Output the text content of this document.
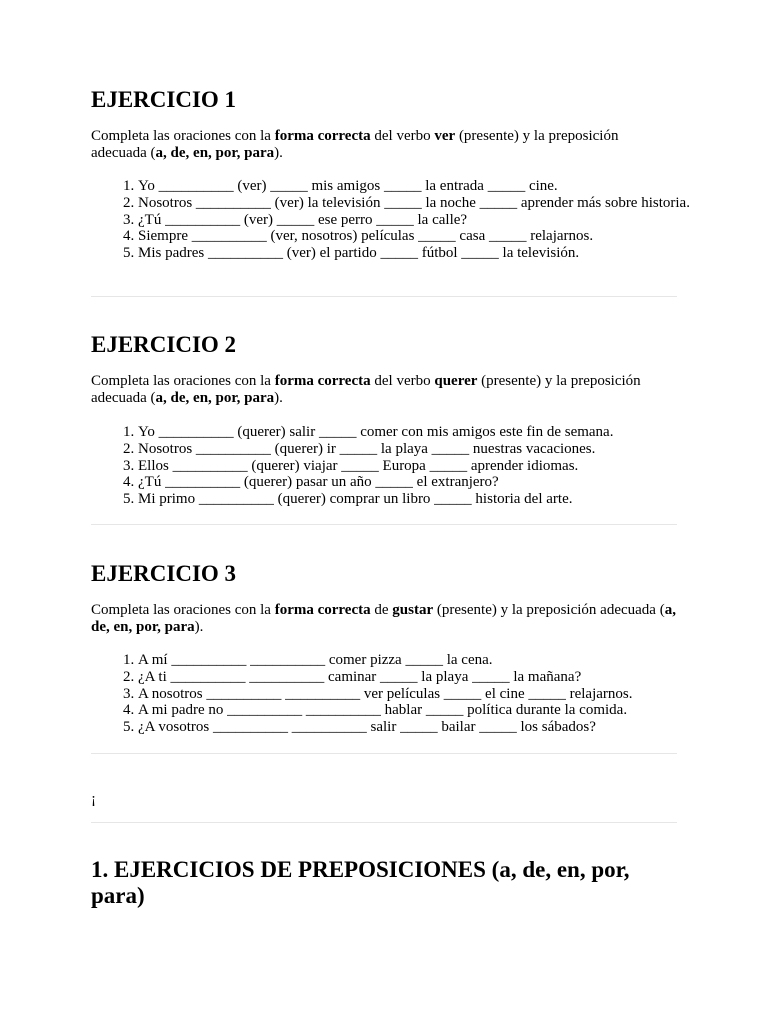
EJERCICIO 1

Completa las oraciones con la forma correcta del verbo ver (presente) y la preposición adecuada (a, de, en, por, para).

1. Yo __________ (ver) _____ mis amigos _____ la entrada _____ cine.
2. Nosotros __________ (ver) la televisión _____ la noche _____ aprender más sobre historia.
3. ¿Tú __________ (ver) _____ ese perro _____ la calle?
4. Siempre __________ (ver, nosotros) películas _____ casa _____ relajarnos.
5. Mis padres __________ (ver) el partido _____ fútbol _____ la televisión.
EJERCICIO 2

Completa las oraciones con la forma correcta del verbo querer (presente) y la preposición adecuada (a, de, en, por, para).

1. Yo __________ (querer) salir _____ comer con mis amigos este fin de semana.
2. Nosotros __________ (querer) ir _____ la playa _____ nuestras vacaciones.
3. Ellos __________ (querer) viajar _____ Europa _____ aprender idiomas.
4. ¿Tú __________ (querer) pasar un año _____ el extranjero?
5. Mi primo __________ (querer) comprar un libro _____ historia del arte.
EJERCICIO 3

Completa las oraciones con la forma correcta de gustar (presente) y la preposición adecuada (a, de, en, por, para).

1. A mí __________ __________ comer pizza _____ la cena.
2. ¿A ti __________ __________ caminar _____ la playa _____ la mañana?
3. A nosotros __________ __________ ver películas _____ el cine _____ relajarnos.
4. A mi padre no __________ __________ hablar _____ política durante la comida.
5. ¿A vosotros __________ __________ salir _____ bailar _____ los sábados?
¡
1. EJERCICIOS DE PREPOSICIONES (a, de, en, por, para)
